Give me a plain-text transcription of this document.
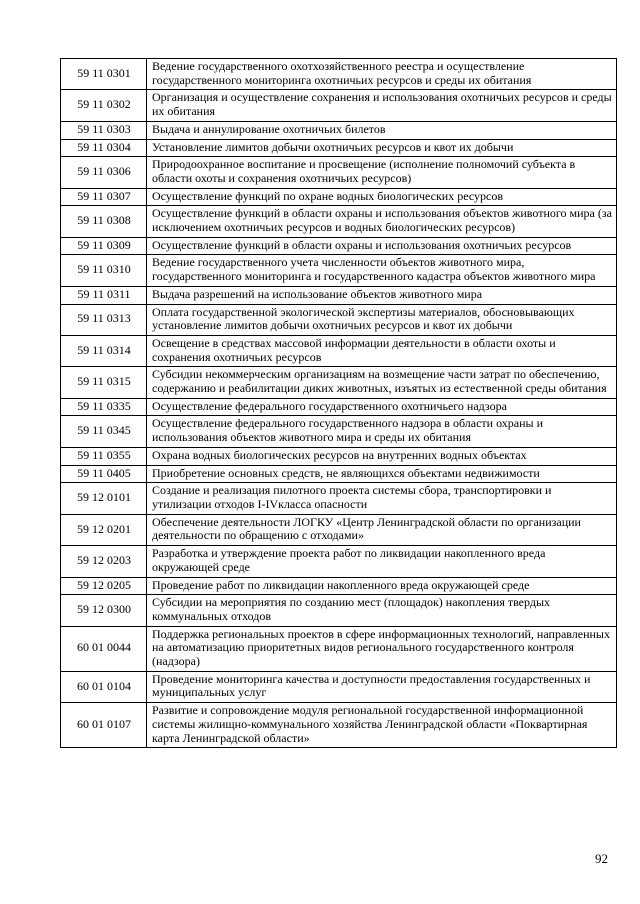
59 11 0301	Ведение государственного охотхозяйственного реестра и осуществление государственного мониторинга охотничьих ресурсов и среды их обитания
59 11 0302	Организация и осуществление сохранения и использования охотничьих ресурсов и среды их обитания
59 11 0303	Выдача и аннулирование охотничьих билетов
59 11 0304	Установление лимитов добычи охотничьих ресурсов и квот их добычи
59 11 0306	Природоохранное воспитание и просвещение (исполнение полномочий субъекта в области охоты и сохранения охотничьих ресурсов)
59 11 0307	Осуществление функций по охране водных биологических ресурсов
59 11 0308	Осуществление функций в области охраны и использования объектов животного мира (за исключением охотничьих ресурсов и водных биологических ресурсов)
59 11 0309	Осуществление функций в области охраны и использования охотничьих ресурсов
59 11 0310	Ведение государственного учета численности объектов животного мира, государственного мониторинга и государственного кадастра объектов животного мира
59 11 0311	Выдача разрешений на использование объектов животного мира
59 11 0313	Оплата государственной экологической экспертизы материалов, обосновывающих установление лимитов добычи охотничьих ресурсов и квот их добычи
59 11 0314	Освещение в средствах массовой информации деятельности в области охоты и сохранения охотничьих ресурсов
59 11 0315	Субсидии некоммерческим организациям на возмещение части затрат по обеспечению, содержанию и реабилитации диких животных, изъятых из естественной среды обитания
59 11 0335	Осуществление федерального государственного охотничьего надзора
59 11 0345	Осуществление федерального государственного надзора в области охраны и использования объектов животного мира и среды их обитания
59 11 0355	Охрана водных биологических ресурсов на внутренних водных объектах
59 11 0405	Приобретение основных средств, не являющихся объектами недвижимости
59 12 0101	Создание и реализация пилотного проекта системы сбора, транспортировки и утилизации отходов I-IVкласса опасности
59 12 0201	Обеспечение деятельности ЛОГКУ «Центр Ленинградской области по организации деятельности по обращению с отходами»
59 12 0203	Разработка и утверждение проекта работ по ликвидации накопленного вреда окружающей среде
59 12 0205	Проведение работ по ликвидации накопленного вреда окружающей среде
59 12 0300	Субсидии на мероприятия по созданию мест (площадок) накопления твердых коммунальных отходов
60 01 0044	Поддержка региональных проектов в сфере информационных технологий, направленных на автоматизацию приоритетных видов регионального государственного контроля (надзора)
60 01 0104	Проведение мониторинга качества и доступности предоставления государственных и муниципальных услуг
60 01 0107	Развитие и сопровождение модуля региональной государственной информационной системы жилищно-коммунального хозяйства Ленинградской области «Поквартирная карта Ленинградской области»
92
